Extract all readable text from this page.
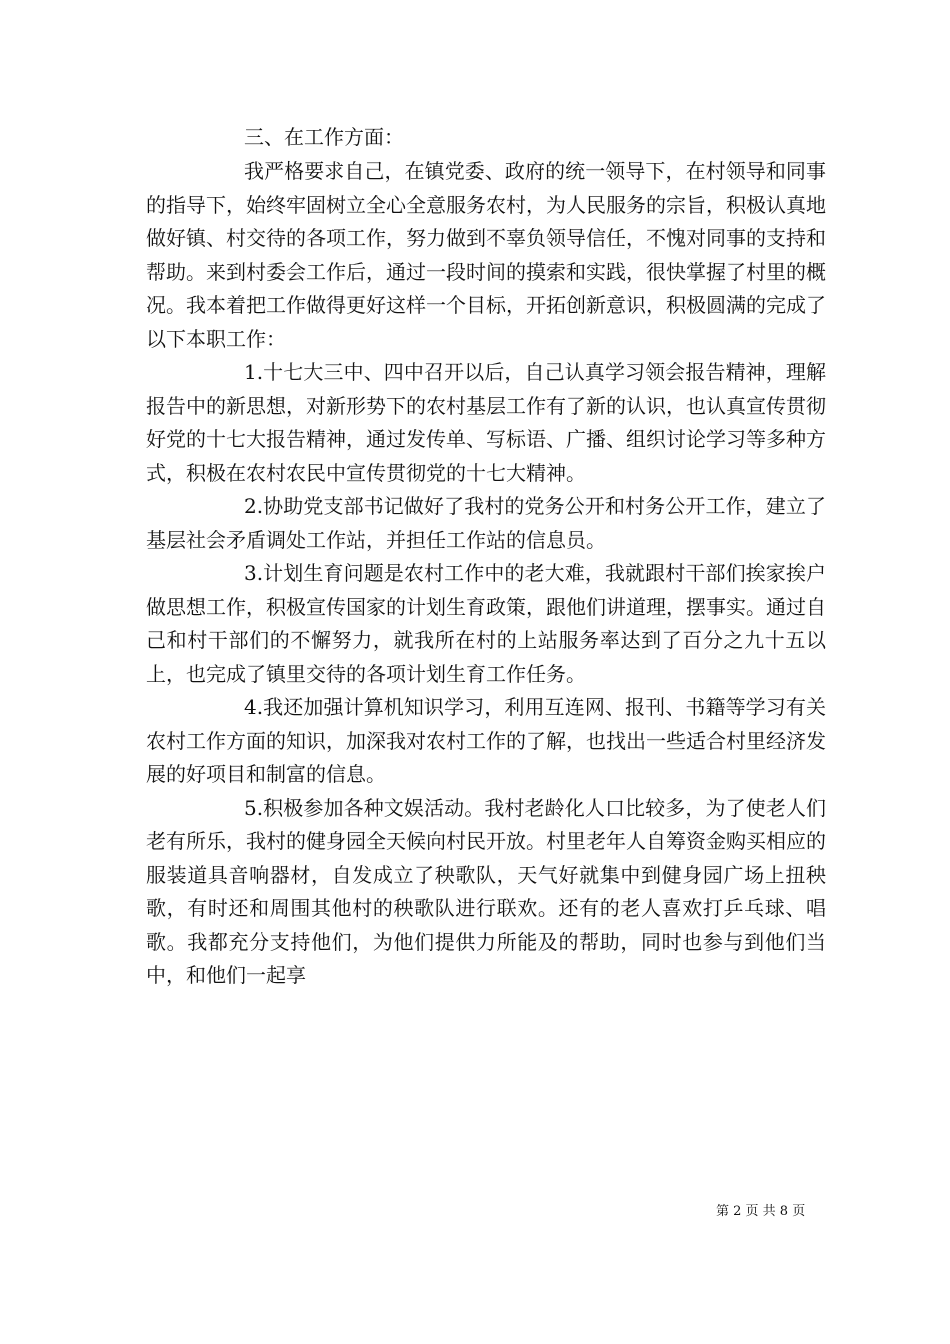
三、在工作方面：

我严格要求自己，在镇党委、政府的统一领导下，在村领导和同事的指导下，始终牢固树立全心全意服务农村，为人民服务的宗旨，积极认真地做好镇、村交待的各项工作，努力做到不辜负领导信任，不愧对同事的支持和帮助。来到村委会工作后，通过一段时间的摸索和实践，很快掌握了村里的概况。我本着把工作做得更好这样一个目标，开拓创新意识，积极圆满的完成了以下本职工作：

1.十七大三中、四中召开以后，自己认真学习领会报告精神，理解报告中的新思想，对新形势下的农村基层工作有了新的认识，也认真宣传贯彻好党的十七大报告精神，通过发传单、写标语、广播、组织讨论学习等多种方式，积极在农村农民中宣传贯彻党的十七大精神。

2.协助党支部书记做好了我村的党务公开和村务公开工作，建立了基层社会矛盾调处工作站，并担任工作站的信息员。

3.计划生育问题是农村工作中的老大难，我就跟村干部们挨家挨户做思想工作，积极宣传国家的计划生育政策，跟他们讲道理，摆事实。通过自己和村干部们的不懈努力，就我所在村的上站服务率达到了百分之九十五以上，也完成了镇里交待的各项计划生育工作任务。

4.我还加强计算机知识学习，利用互连网、报刊、书籍等学习有关农村工作方面的知识，加深我对农村工作的了解，也找出一些适合村里经济发展的好项目和制富的信息。

5.积极参加各种文娱活动。我村老龄化人口比较多，为了使老人们老有所乐，我村的健身园全天候向村民开放。村里老年人自筹资金购买相应的服装道具音响器材，自发成立了秧歌队，天气好就集中到健身园广场上扭秧歌，有时还和周围其他村的秧歌队进行联欢。还有的老人喜欢打乒乓球、唱歌。我都充分支持他们，为他们提供力所能及的帮助，同时也参与到他们当中，和他们一起享

第 2 页 共 8 页
